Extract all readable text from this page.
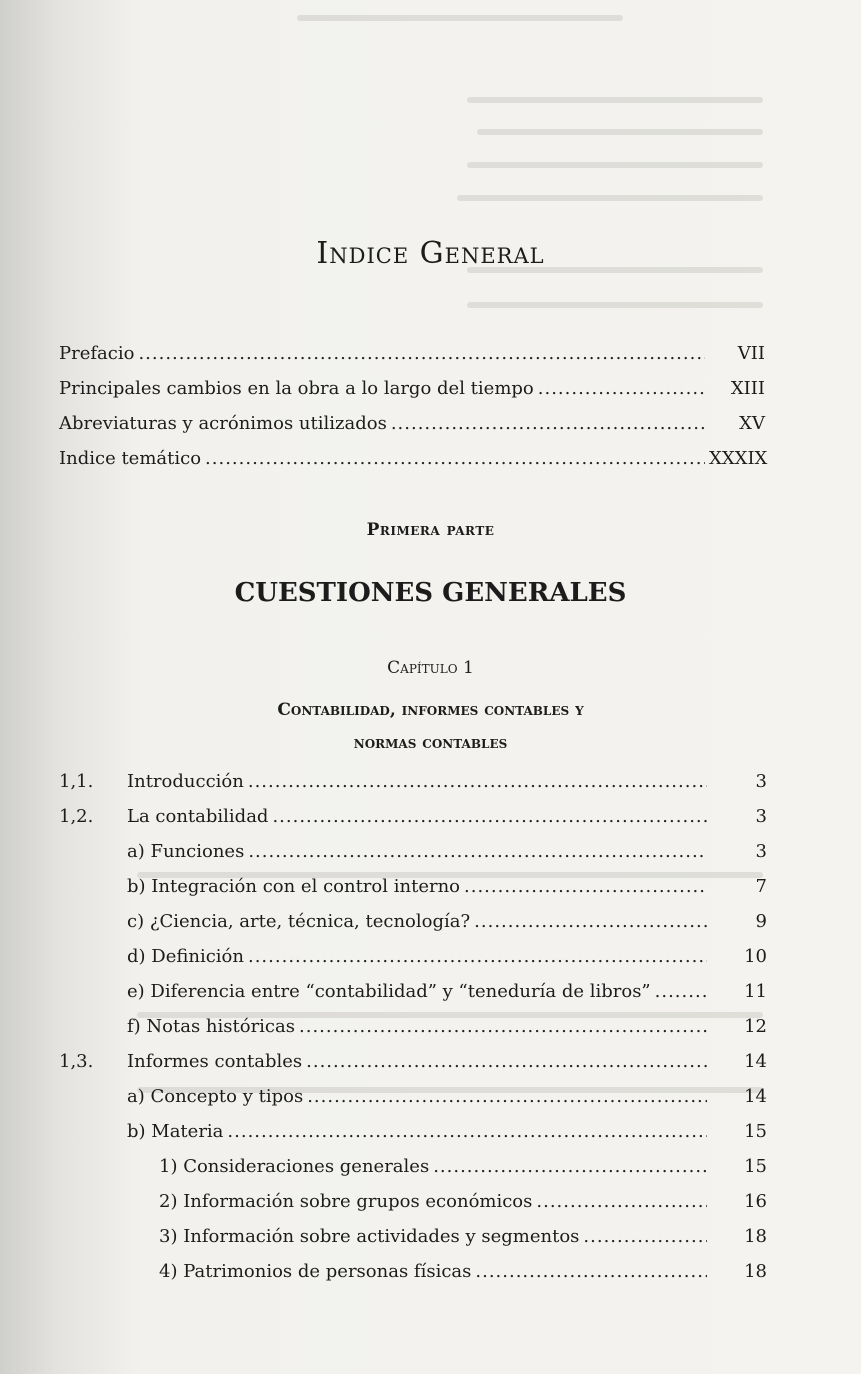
Indice General
Prefacio .....	VII
Principales cambios en la obra a lo largo del tiempo .....	XIII
Abreviaturas y acrónimos utilizados .....	XV
Indice temático .....	XXXIX
Primera parte
CUESTIONES GENERALES
Capítulo 1
Contabilidad, informes contables y
normas contables
1,1.	Introducción .....	3
1,2.	La contabilidad .....	3
a) Funciones .....	3
b) Integración con el control interno .....	7
c) ¿Ciencia, arte, técnica, tecnología? .....	9
d) Definición .....	10
e) Diferencia entre “contabilidad” y “teneduría de libros” .....	11
f) Notas históricas .....	12
1,3.	Informes contables .....	14
a) Concepto y tipos .....	14
b) Materia .....	15
1) Consideraciones generales .....	15
2) Información sobre grupos económicos .....	16
3) Información sobre actividades y segmentos .....	18
4) Patrimonios de personas físicas .....	18
